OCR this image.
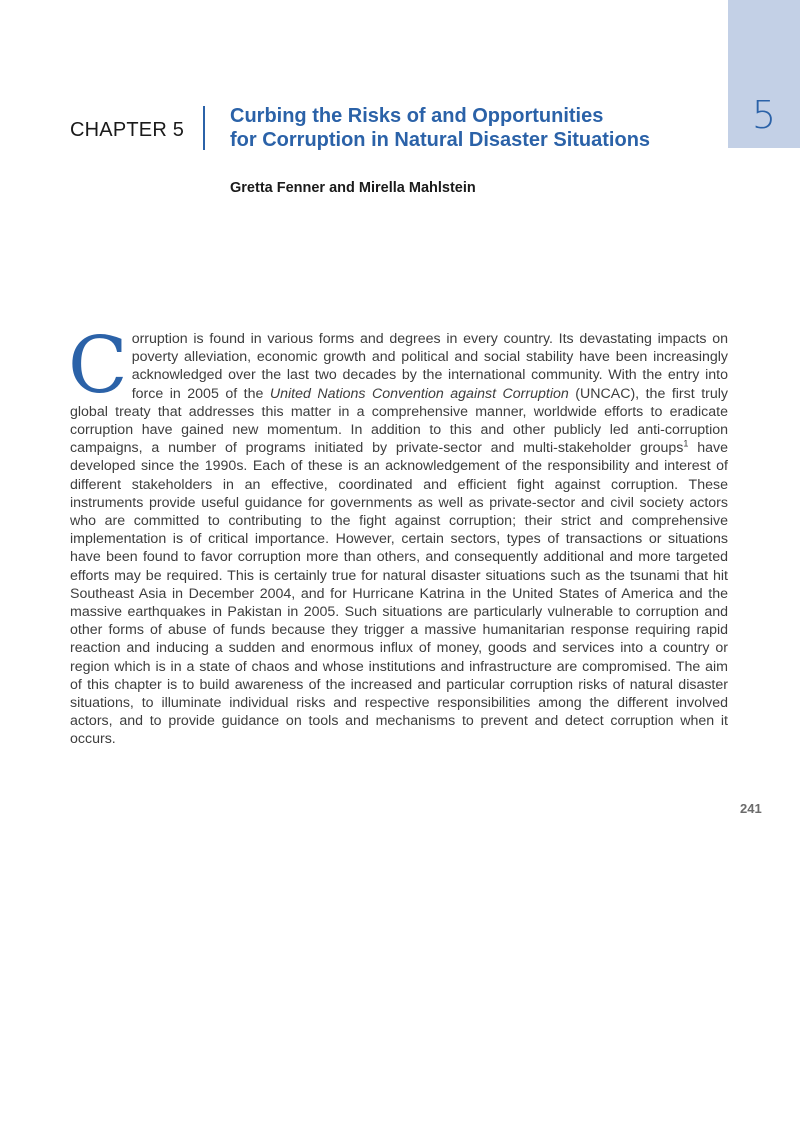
5
CHAPTER 5
Curbing the Risks of and Opportunities
for Corruption in Natural Disaster Situations
Gretta Fenner and Mirella Mahlstein
Corruption is found in various forms and degrees in every country. Its devastating impacts on poverty alleviation, economic growth and political and social stability have been increasingly acknowledged over the last two decades by the international community. With the entry into force in 2005 of the United Nations Convention against Corruption (UNCAC), the first truly global treaty that addresses this matter in a comprehensive manner, worldwide efforts to eradicate corruption have gained new momentum. In addition to this and other publicly led anti-corruption campaigns, a number of programs initiated by private-sector and multi-stakeholder groups$^1$ have developed since the 1990s. Each of these is an acknowledgement of the responsibility and interest of different stakeholders in an effective, coordinated and efficient fight against corruption. These instruments provide useful guidance for governments as well as private-sector and civil society actors who are committed to contributing to the fight against corruption; their strict and comprehensive implementation is of critical importance. However, certain sectors, types of transactions or situations have been found to favor corruption more than others, and consequently additional and more targeted efforts may be required. This is certainly true for natural disaster situations such as the tsunami that hit Southeast Asia in December 2004, and for Hurricane Katrina in the United States of America and the massive earthquakes in Pakistan in 2005. Such situations are particularly vulnerable to corruption and other forms of abuse of funds because they trigger a massive humanitarian response requiring rapid reaction and inducing a sudden and enormous influx of money, goods and services into a country or region which is in a state of chaos and whose institutions and infrastructure are compromised. The aim of this chapter is to build awareness of the increased and particular corruption risks of natural disaster situations, to illuminate individual risks and respective responsibilities among the different involved actors, and to provide guidance on tools and mechanisms to prevent and detect corruption when it occurs.
241
